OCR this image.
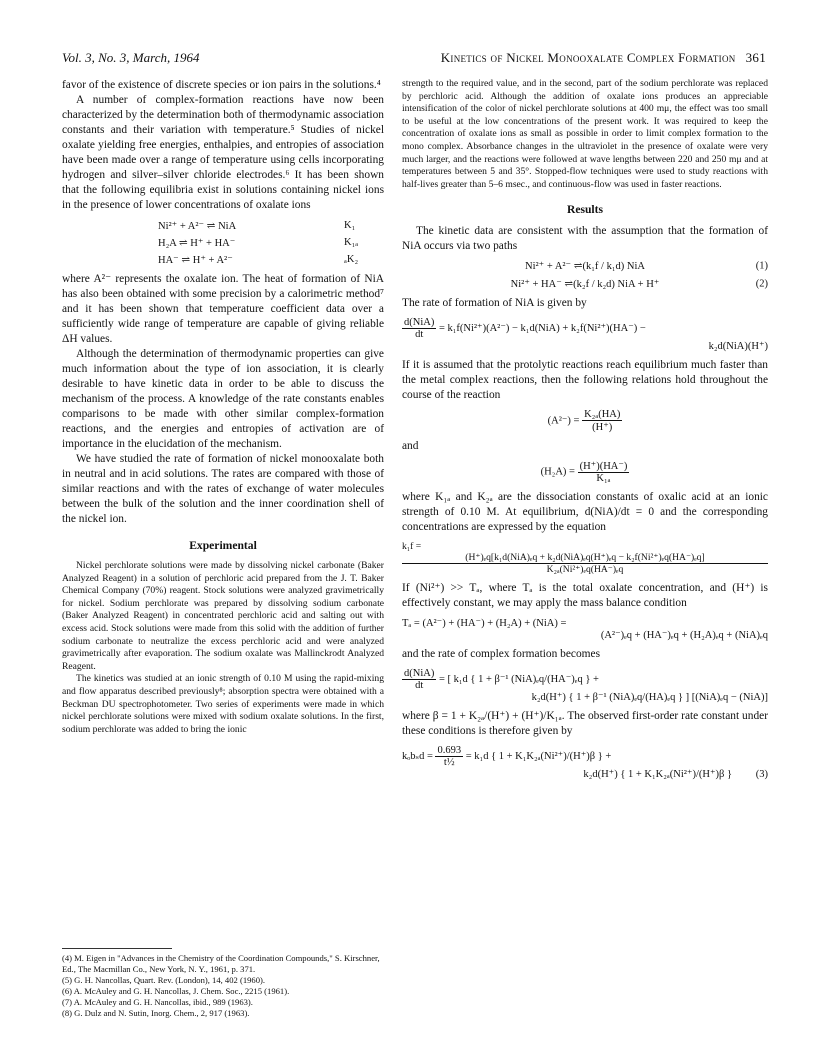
Vol. 3, No. 3, March, 1964	Kinetics of Nickel Monooxalate Complex Formation 361

favor of the existence of discrete species or ion pairs in the solutions.⁴

A number of complex-formation reactions have now been characterized by the determination both of thermodynamic association constants and their variation with temperature.⁵ Studies of nickel oxalate yielding free energies, enthalpies, and entropies of association have been made over a range of temperature using cells incorporating hydrogen and silver–silver chloride electrodes.⁶ It has been shown that the following equilibria exist in solutions containing nickel ions in the presence of lower concentrations of oxalate ions

Ni²⁺ + A²⁻ ⇌ NiA	K₁
H₂A ⇌ H⁺ + HA⁻	K₁ₐ
HA⁻ ⇌ H⁺ + A²⁻	ₐK₂

where A²⁻ represents the oxalate ion. The heat of formation of NiA has also been obtained with some precision by a calorimetric method⁷ and it has been shown that temperature coefficient data over a sufficiently wide range of temperature are capable of giving reliable ΔH values.

Although the determination of thermodynamic properties can give much information about the type of ion association, it is clearly desirable to have kinetic data in order to be able to discuss the mechanism of the process. A knowledge of the rate constants enables comparisons to be made with other similar complex-formation reactions, and the energies and entropies of activation are of importance in the elucidation of the mechanism.

We have studied the rate of formation of nickel monooxalate both in neutral and in acid solutions. The rates are compared with those of similar reactions and with the rates of exchange of water molecules between the bulk of the solution and the inner coordination shell of the nickel ion.

Experimental

Nickel perchlorate solutions were made by dissolving nickel carbonate (Baker Analyzed Reagent) in a solution of perchloric acid prepared from the J. T. Baker Chemical Company (70%) reagent. Stock solutions were analyzed gravimetrically for nickel. Sodium perchlorate was prepared by dissolving sodium carbonate (Baker Analyzed Reagent) in concentrated perchloric acid and salting out with excess acid. Stock solutions were made from this solid with the addition of further sodium carbonate to neutralize the excess perchloric acid and were analyzed gravimetrically after evaporation. The sodium oxalate was Mallinckrodt Analyzed Reagent.

The kinetics was studied at an ionic strength of 0.10 M using the rapid-mixing and flow apparatus described previously⁸; absorption spectra were obtained with a Beckman DU spectrophotometer. Two series of experiments were made in which nickel perchlorate solutions were mixed with sodium oxalate solutions. In the first, sodium perchlorate was added to bring the ionic

(4) M. Eigen in "Advances in the Chemistry of the Coordination Compounds," S. Kirschner, Ed., The Macmillan Co., New York, N. Y., 1961, p. 371.

(5) G. H. Nancollas, Quart. Rev. (London), 14, 402 (1960).

(6) A. McAuley and G. H. Nancollas, J. Chem. Soc., 2215 (1961).

(7) A. McAuley and G. H. Nancollas, ibid., 989 (1963).

(8) G. Dulz and N. Sutin, Inorg. Chem., 2, 917 (1963).

strength to the required value, and in the second, part of the sodium perchlorate was replaced by perchloric acid. Although the addition of oxalate ions produces an appreciable intensification of the color of nickel perchlorate solutions at 400 mμ, the effect was too small to be useful at the low concentrations of the present work. It was required to keep the concentration of oxalate ions as small as possible in order to limit complex formation to the mono complex. Absorbance changes in the ultraviolet in the presence of oxalate were very much larger, and the reactions were followed at wave lengths between 220 and 250 mμ and at temperatures between 5 and 35°. Stopped-flow techniques were used to study reactions with half-lives greater than 5–6 msec., and continuous-flow was used in faster reactions.

Results

The kinetic data are consistent with the assumption that the formation of NiA occurs via two paths

Ni²⁺ + A²⁻ ⇌(k₁f / k₁d) NiA	(1)
Ni²⁺ + HA⁻ ⇌(k₂f / k₂d) NiA + H⁺	(2)

The rate of formation of NiA is given by

$\frac{\text{d(NiA)}}{dt} = k_1f(Ni^{2+})(A^{2-}) - k_1d(NiA) + k_2f(Ni^{2+})(HA^-)$ −
k₂d(NiA)(H⁺)

If it is assumed that the protolytic reactions reach equilibrium much faster than the metal complex reactions, then the following relations hold throughout the course of the reaction

$(A^{2-}) = \frac{\text{K₂ₐ(HA)}}{(H^+)}$

and

$(H_2A) = \frac{(H^+)(HA^-)}{\text{K₁ₐ}}$

where K₁ₐ and K₂ₐ are the dissociation constants of oxalic acid at an ionic strength of 0.10 M. At equilibrium, d(NiA)/dt = 0 and the corresponding concentrations are expressed by the equation

k₁f =
(H⁺)ₑq[k₁d(NiA)ₑq + k₂d(NiA)ₑq(H⁺)ₑq − k₂f(Ni²⁺)ₑq(HA⁻)ₑq]
K₂ₐ(Ni²⁺)ₑq(HA⁻)ₑq

If (Ni²⁺) >> Tₐ, where Tₐ is the total oxalate concentration, and (H⁺) is effectively constant, we may apply the mass balance condition

Tₐ = (A²⁻) + (HA⁻) + (H₂A) + (NiA) =
(A²⁻)ₑq + (HA⁻)ₑq + (H₂A)ₑq + (NiA)ₑq

and the rate of complex formation becomes

$\frac{\text{d(NiA)}}{dt}$ = [ k₁d { 1 + β⁻¹ (NiA)ₑq/(HA⁻)ₑq } +
k₂d(H⁺) { 1 + β⁻¹ (NiA)ₑq/(HA)ₑq } ] [(NiA)ₑq − (NiA)]

where β = 1 + K₂ₐ/(H⁺) + (H⁺)/K₁ₐ. The observed first-order rate constant under these conditions is therefore given by

$k_ob_sd = \frac{0.693}{\text{t½}} = k_1d$ { 1 + K₁K₂ₐ(Ni²⁺)/(H⁺)β } +
k₂d(H⁺) { 1 + K₁K₂ₐ(Ni²⁺)/(H⁺)β }	(3)
